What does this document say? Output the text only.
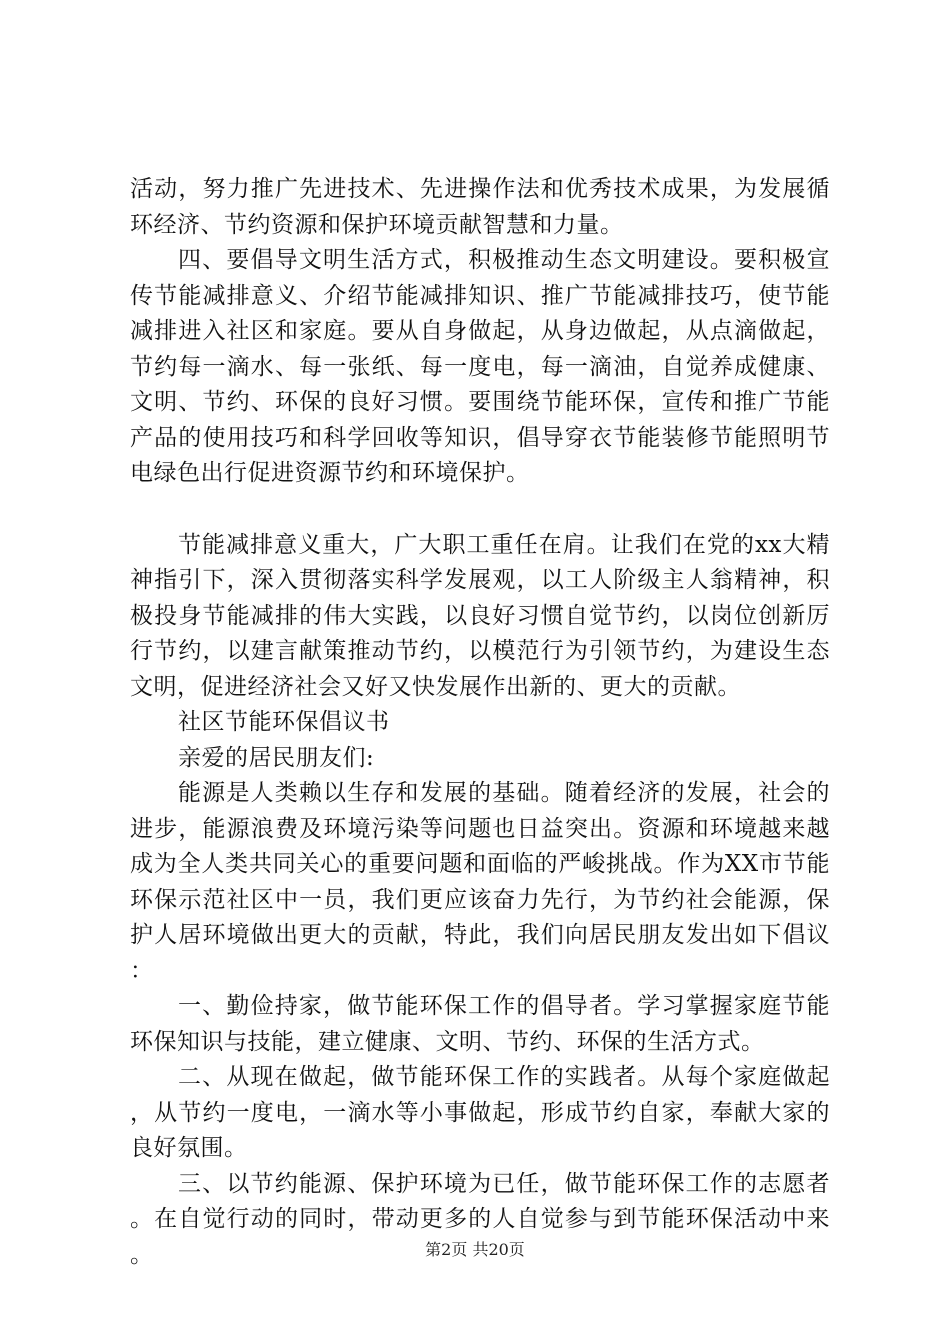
活动，努力推广先进技术、先进操作法和优秀技术成果，为发展循环经济、节约资源和保护环境贡献智慧和力量。

四、要倡导文明生活方式，积极推动生态文明建设。要积极宣传节能减排意义、介绍节能减排知识、推广节能减排技巧，使节能减排进入社区和家庭。要从自身做起，从身边做起，从点滴做起，节约每一滴水、每一张纸、每一度电，每一滴油，自觉养成健康、文明、节约、环保的良好习惯。要围绕节能环保，宣传和推广节能产品的使用技巧和科学回收等知识，倡导穿衣节能装修节能照明节电绿色出行促进资源节约和环境保护。

节能减排意义重大，广大职工重任在肩。让我们在党的xx大精神指引下，深入贯彻落实科学发展观，以工人阶级主人翁精神，积极投身节能减排的伟大实践，以良好习惯自觉节约，以岗位创新厉行节约，以建言献策推动节约，以模范行为引领节约，为建设生态文明，促进经济社会又好又快发展作出新的、更大的贡献。

社区节能环保倡议书

亲爱的居民朋友们:

能源是人类赖以生存和发展的基础。随着经济的发展，社会的进步，能源浪费及环境污染等问题也日益突出。资源和环境越来越成为全人类共同关心的重要问题和面临的严峻挑战。作为XX市节能环保示范社区中一员，我们更应该奋力先行，为节约社会能源，保护人居环境做出更大的贡献，特此，我们向居民朋友发出如下倡议：

一、勤俭持家，做节能环保工作的倡导者。学习掌握家庭节能环保知识与技能，建立健康、文明、节约、环保的生活方式。

二、从现在做起，做节能环保工作的实践者。从每个家庭做起，从节约一度电，一滴水等小事做起，形成节约自家，奉献大家的良好氛围。

三、以节约能源、保护环境为已任，做节能环保工作的志愿者。在自觉行动的同时，带动更多的人自觉参与到节能环保活动中来。	第2页 共20页
